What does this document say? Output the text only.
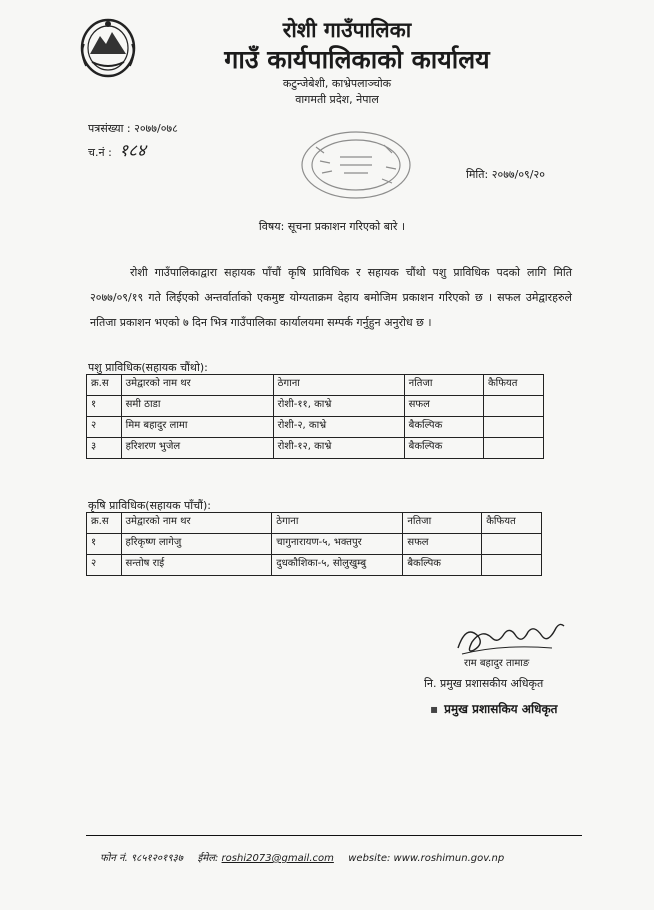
रोशी गाउँपालिका
गाउँ कार्यपालिकाको कार्यालय
कटुन्जेबेशी, काभ्रेपलाञ्चोक
वागमती प्रदेश, नेपाल
पत्रसंख्या : २०७७/०७८
च.नं : १८४
मिति: २०७७/०९/२०
विषय: सूचना प्रकाशन गरिएको बारे ।
रोशी गाउँपालिकाद्वारा सहायक पाँचौं कृषि प्राविधिक र सहायक चौंथो पशु प्राविधिक पदको लागि मिति २०७७/०९/१९ गते लिईएको अन्तर्वार्ताको एकमुष्ट योग्यताक्रम देहाय बमोजिम प्रकाशन गरिएको छ । सफल उमेद्वारहरुले नतिजा प्रकाशन भएको ७ दिन भित्र गाउँपालिका कार्यालयमा सम्पर्क गर्नुहुन अनुरोध छ ।
पशु प्राविधिक(सहायक चौंथो):
क्र.स	उमेद्वारको नाम थर	ठेगाना	नतिजा	कैफियत
१	समी ठाडा	रोशी-११, काभ्रे	सफल	
२	मिम बहादुर लामा	रोशी-२, काभ्रे	बैकल्पिक	
३	हरिशरण भुजेल	रोशी-१२, काभ्रे	बैकल्पिक	
कृषि प्राविधिक(सहायक पाँचौं):
क्र.स	उमेद्वारको नाम थर	ठेगाना	नतिजा	कैफियत
१	हरिकृष्ण लागेजु	चागुनारायण-५, भक्तपुर	सफल	
२	सन्तोष राई	दुधकौशिका-५, सोलुखुम्बु	बैकल्पिक	
राम बहादुर तामाङ
नि. प्रमुख प्रशासकीय अधिकृत
▪ प्रमुख प्रशासकिय अधिकृत
फोन नं. ९८५१२०१९३७ ईमेल: roshi2073@gmail.com website: www.roshimun.gov.np
